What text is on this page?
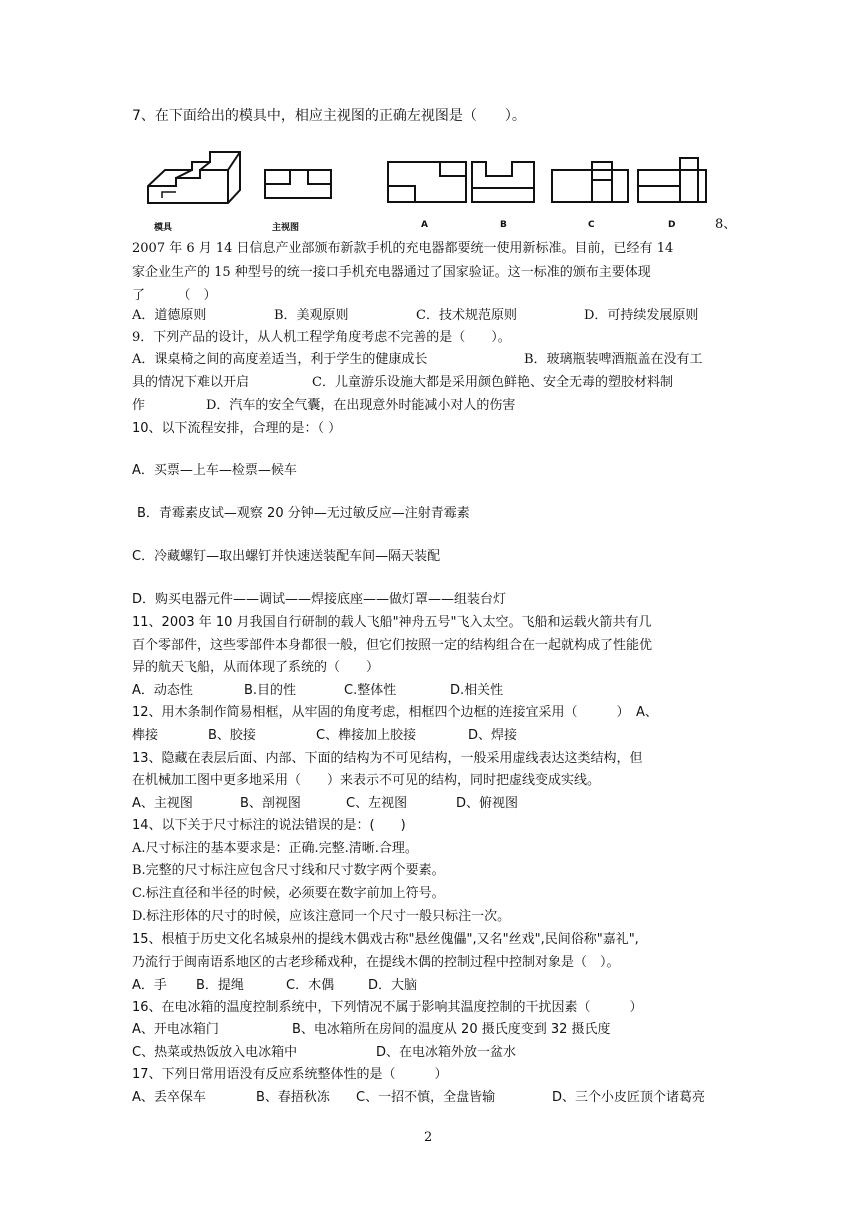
7、在下面给出的模具中，相应主视图的正确左视图是（　　）。
模具	主视图	A	B	C	D	8、
2007 年 6 月 14 日信息产业部颁布新款手机的充电器都要统一使用新标准。目前，已经有 14
家企业生产的 15 种型号的统一接口手机充电器通过了国家验证。这一标准的颁布主要体现
了　　　（　）
A．道德原则	B．美观原则	C．技术规范原则	D．可持续发展原则
9．下列产品的设计，从人机工程学角度考虑不完善的是（　　）。
A．课桌椅之间的高度差适当，利于学生的健康成长	B．玻璃瓶装啤酒瓶盖在没有工
具的情况下难以开启	C．儿童游乐设施大都是采用颜色鲜艳、安全无毒的塑胶材料制
作	D．汽车的安全气囊，在出现意外时能减小对人的伤害
10、以下流程安排，合理的是：（ ）
A．买票—上车—检票—候车
B．青霉素皮试—观察 20 分钟—无过敏反应—注射青霉素
C．冷藏螺钉—取出螺钉并快速送装配车间—隔天装配
D．购买电器元件——调试——焊接底座——做灯罩——组装台灯
11、2003 年 10 月我国自行研制的载人飞船"神舟五号"飞入太空。飞船和运载火箭共有几
百个零部件，这些零部件本身都很一般，但它们按照一定的结构组合在一起就构成了性能优
异的航天飞船，从而体现了系统的（　　）
A．动态性	B.目的性	C.整体性	D.相关性
12、用木条制作简易相框，从牢固的角度考虑，相框四个边框的连接宜采用（　　　）　A、
榫接	B、胶接	C、榫接加上胶接	D、焊接
13、隐藏在表层后面、内部、下面的结构为不可见结构，一般采用虚线表达这类结构，但
在机械加工图中更多地采用（　　）来表示不可见的结构，同时把虚线变成实线。
A、主视图	B、剖视图	C、左视图	D、俯视图
14、以下关于尺寸标注的说法错误的是：(　　)
A.尺寸标注的基本要求是：正确.完整.清晰.合理。
B.完整的尺寸标注应包含尺寸线和尺寸数字两个要素。
C.标注直径和半径的时候，必须要在数字前加上符号。
D.标注形体的尺寸的时候，应该注意同一个尺寸一般只标注一次。
15、根植于历史文化名城泉州的提线木偶戏古称"悬丝傀儡",又名"丝戏",民间俗称"嘉礼",
乃流行于闽南语系地区的古老珍稀戏种，在提线木偶的控制过程中控制对象是（　）。
A．手 B．提绳	C．木偶	D．大脑
16、在电冰箱的温度控制系统中，下列情况不属于影响其温度控制的干扰因素（　　　）
A、开电冰箱门	B、电冰箱所在房间的温度从 20 摄氏度变到 32 摄氏度
C、热菜或热饭放入电冰箱中	D、在电冰箱外放一盆水
17、下列日常用语没有反应系统整体性的是（　　　）
A、丢卒保车	B、春捂秋冻 C、一招不慎，全盘皆输	D、三个小皮匠顶个诸葛亮
2
